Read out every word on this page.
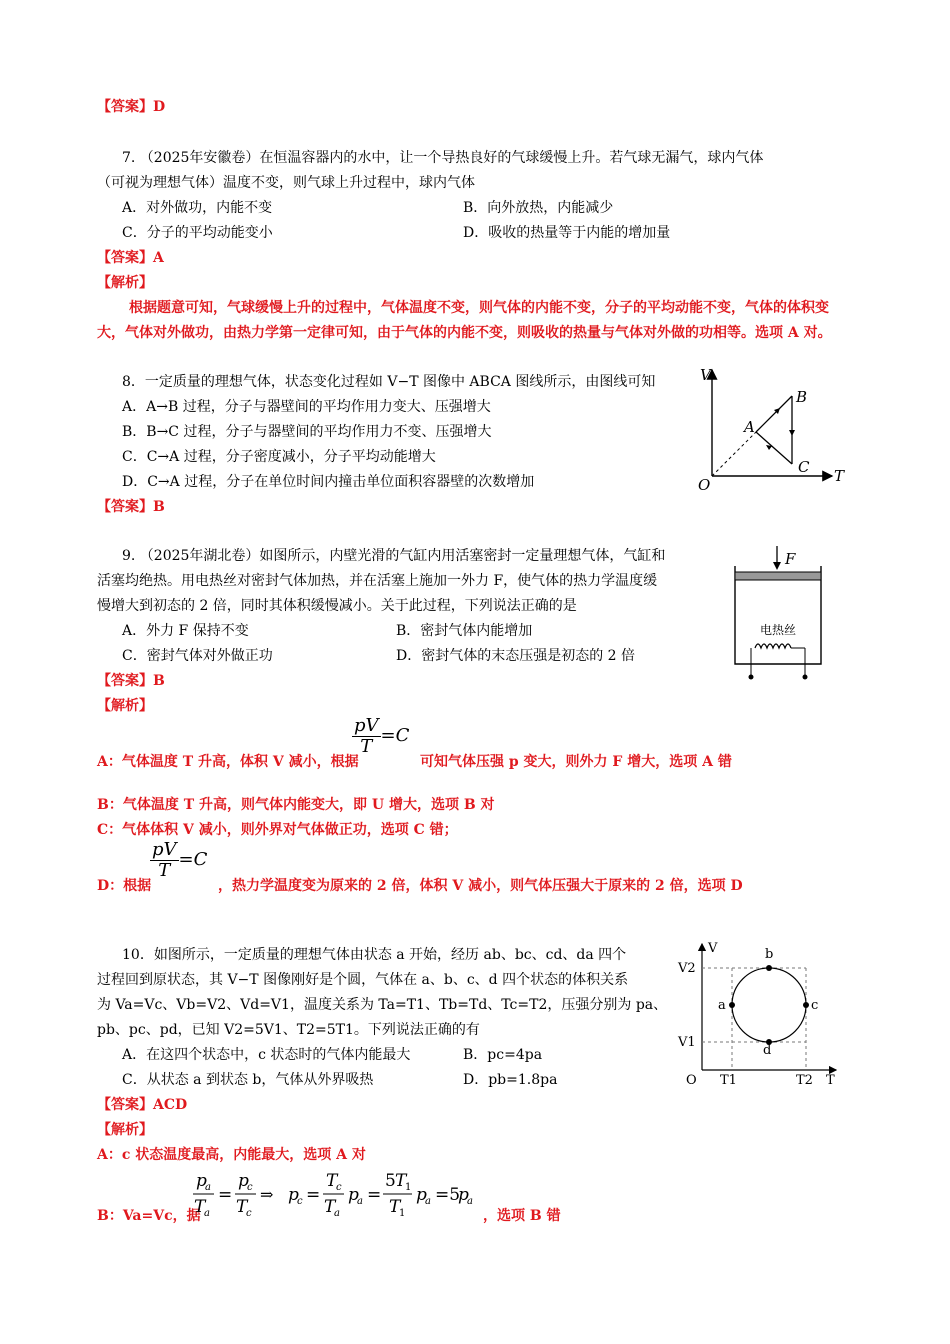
【答案】D
7. （2025年安徽卷）在恒温容器内的水中，让一个导热良好的气球缓慢上升。若气球无漏气，球内气体
（可视为理想气体）温度不变，则气球上升过程中，球内气体
A．对外做功，内能不变	B．向外放热，内能减少
C．分子的平均动能变小	D．吸收的热量等于内能的增加量
【答案】A
【解析】
根据题意可知，气球缓慢上升的过程中，气体温度不变，则气体的内能不变，分子的平均动能不变，气体的体积变
大，气体对外做功，由热力学第一定律可知，由于气体的内能不变，则吸收的热量与气体对外做的功相等。选项 A 对。
8．一定质量的理想气体，状态变化过程如 V−T 图像中 ABCA 图线所示，由图线可知
A．A→B 过程，分子与器壁间的平均作用力变大、压强增大
B．B→C 过程，分子与器壁间的平均作用力不变、压强增大
C．C→A 过程，分子密度减小，分子平均动能增大
D．C→A 过程，分子在单位时间内撞击单位面积容器壁的次数增加
【答案】B
V
T
O
A
B
C
9. （2025年湖北卷）如图所示，内壁光滑的气缸内用活塞密封一定量理想气体，气缸和
活塞均绝热。用电热丝对密封气体加热，并在活塞上施加一外力 F，使气体的热力学温度缓
慢增大到初态的 2 倍，同时其体积缓慢减小。关于此过程，下列说法正确的是
A．外力 F 保持不变	B．密封气体内能增加
C．密封气体对外做正功	D．密封气体的末态压强是初态的 2 倍
【答案】B
【解析】
A：气体温度 T 升高，体积 V 减小，根据
$\frac{pV}{T} =C$
可知气体压强 p 变大，则外力 F 增大，选项 A 错
B：气体温度 T 升高，则气体内能变大，即 U 增大，选项 B 对
C：气体体积 V 减小，则外界对气体做正功，选项 C 错；
D：根据
$\frac{pV}{T} =C$
，热力学温度变为原来的 2 倍，体积 V 减小，则气体压强大于原来的 2 倍，选项 D
F
电热丝
10．如图所示，一定质量的理想气体由状态 a 开始，经历 ab、bc、cd、da 四个
过程回到原状态，其 V−T 图像刚好是个圆，气体在 a、b、c、d 四个状态的体积关系
为 Va=Vc、Vb=V2、Vd=V1，温度关系为 Ta=T1、Tb=Td、Tc=T2，压强分别为 pa、
pb、pc、pd，已知 V2=5V1、T2=5T1。下列说法正确的有
A．在这四个状态中，c 状态时的气体内能最大	B．pc=4pa
C．从状态 a 到状态 b，气体从外界吸热	D．pb=1.8pa
【答案】ACD
【解析】
A：c 状态温度最高，内能最大，选项 A 对
B：Va=Vc，据
p
a
T
a
=
p
c
T
c
⇒ p
c =
T
c
T
a
p
a =
5 T
1
T
1
p
a =5
p
a
，选项 B 错
V
T
O
V2
V1
T1	T2
b
c
d
a
